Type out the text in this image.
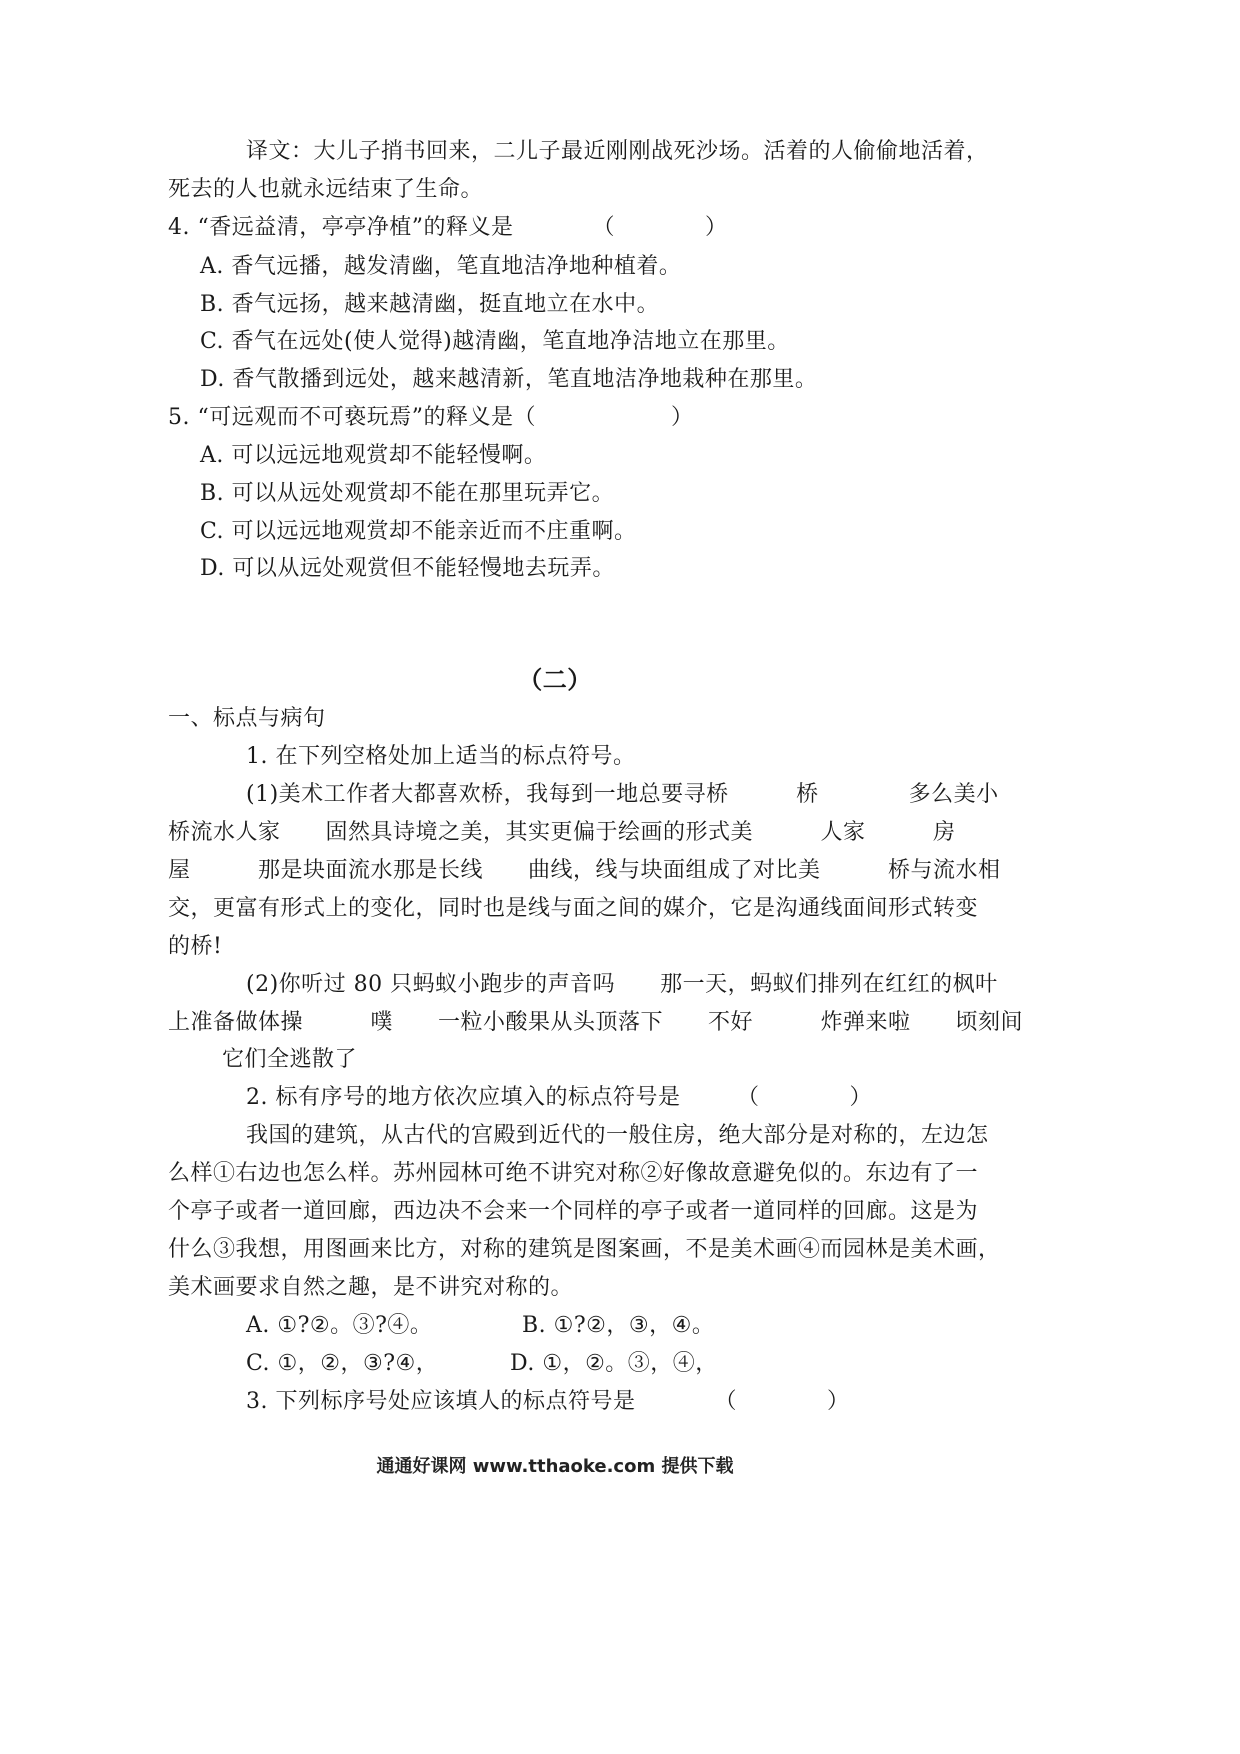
译文：大儿子捎书回来，二儿子最近刚刚战死沙场。活着的人偷偷地活着，
死去的人也就永远结束了生命。
4. “香远益清，亭亭净植”的释义是　　　　（　　　　）
A. 香气远播，越发清幽，笔直地洁净地种植着。
B. 香气远扬，越来越清幽，挺直地立在水中。
C. 香气在远处(使人觉得)越清幽，笔直地净洁地立在那里。
D. 香气散播到远处，越来越清新，笔直地洁净地栽种在那里。
5. “可远观而不可亵玩焉”的释义是（　　　　　　）
A. 可以远远地观赏却不能轻慢啊。
B. 可以从远处观赏却不能在那里玩弄它。
C. 可以远远地观赏却不能亲近而不庄重啊。
D. 可以从远处观赏但不能轻慢地去玩弄。
（二）
一、标点与病句
1. 在下列空格处加上适当的标点符号。
(1)美术工作者大都喜欢桥，我每到一地总要寻桥　　　桥　　　　多么美小
桥流水人家　　固然具诗境之美，其实更偏于绘画的形式美　　　人家　　　房
屋　　　那是块面流水那是长线　　曲线，线与块面组成了对比美　　　桥与流水相
交，更富有形式上的变化，同时也是线与面之间的媒介，它是沟通线面间形式转变
的桥!
(2)你听过 80 只蚂蚁小跑步的声音吗　　那一天，蚂蚁们排列在红红的枫叶
上准备做体操　　　噗　　一粒小酸果从头顶落下　　不好　　　炸弹来啦　　顷刻间
它们全逃散了
2. 标有序号的地方依次应填入的标点符号是　　　（　　　　）
我国的建筑，从古代的宫殿到近代的一般住房，绝大部分是对称的，左边怎
么样①右边也怎么样。苏州园林可绝不讲究对称②好像故意避免似的。东边有了一
个亭子或者一道回廊，西边决不会来一个同样的亭子或者一道同样的回廊。这是为
什么③我想，用图画来比方，对称的建筑是图案画，不是美术画④而园林是美术画，
美术画要求自然之趣，是不讲究对称的。
A. ①?②。③?④。	B. ①?②，③，④。
C. ①，②，③?④，	D. ①，②。③，④，
3. 下列标序号处应该填人的标点符号是　　　　（　　　　）
通通好课网 www.tthaoke.com 提供下载
